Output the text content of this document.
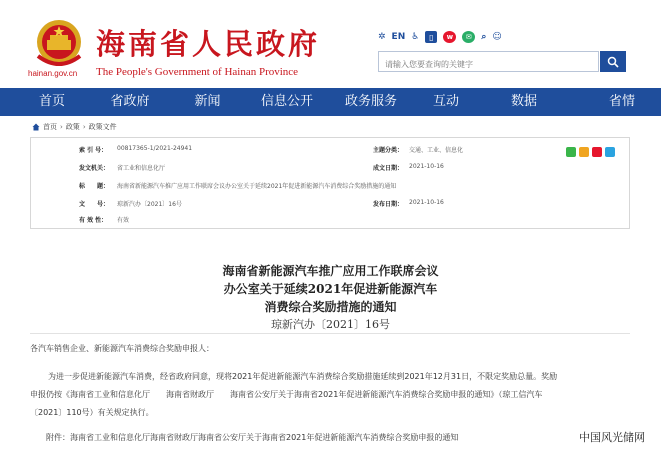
hainan.gov.cn
海南省人民政府
The People's Government of Hainan Province
✲ EN ♿	▯	w	✉	⌕ ☺
请输入您要查询的关键字
首页	省政府	新闻	信息公开	政务服务	互动	数据	省情
首页 › 政策 › 政策文件
索 引 号： 00817365-1/2021-24941	主题分类： 交通、工业、信息化
发文机关： 省工业和信息化厅	成文日期： 2021-10-16
标　　题： 海南省新能源汽车推广应用工作联席会议办公室关于延续2021年促进新能源汽车消费综合奖励措施的通知
文　　号： 琼新汽办〔2021〕16号	发布日期： 2021-10-16
有 效 性： 有效
海南省新能源汽车推广应用工作联席会议
办公室关于延续2021年促进新能源汽车
消费综合奖励措施的通知
琼新汽办〔2021〕16号
各汽车销售企业、新能源汽车消费综合奖励申报人：
为进一步促进新能源汽车消费，经省政府同意，现将2021年促进新能源汽车消费综合奖励措施延续到2021年12月31日，不限定奖励总量。奖励
申报仍按《海南省工业和信息化厅　　海南省财政厅　　海南省公安厅关于海南省2021年促进新能源汽车消费综合奖励申报的通知》（琼工信汽车
〔2021〕110号）有关规定执行。
附件：海南省工业和信息化厅海南省财政厅海南省公安厅关于海南省2021年促进新能源汽车消费综合奖励申报的通知	中国风光储网
